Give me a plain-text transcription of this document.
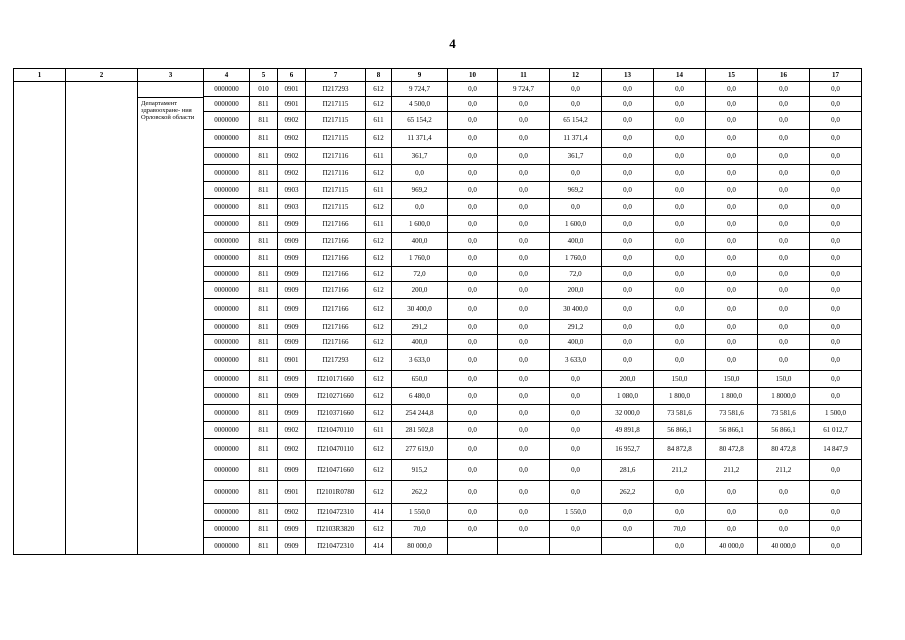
4
1	2	3	4	5	6	7	8	9	10	11	12	13	14	15	16	17

		Департамент здравоохране- ния Орловской области	0000000	010	0901	П217293	612	9 724,7	0,0	9 724,7	0,0	0,0	0,0	0,0	0,0	0,0
			0000000	811	0901	П217115	612	4 500,0	0,0	0,0	0,0	0,0	0,0	0,0	0,0	0,0
			0000000	811	0902	П217115	611	65 154,2	0,0	0,0	65 154,2	0,0	0,0	0,0	0,0	0,0
			0000000	811	0902	П217115	612	11 371,4	0,0	0,0	11 371,4	0,0	0,0	0,0	0,0	0,0
			0000000	811	0902	П217116	611	361,7	0,0	0,0	361,7	0,0	0,0	0,0	0,0	0,0
			0000000	811	0902	П217116	612	0,0	0,0	0,0	0,0	0,0	0,0	0,0	0,0	0,0
			0000000	811	0903	П217115	611	969,2	0,0	0,0	969,2	0,0	0,0	0,0	0,0	0,0
			0000000	811	0903	П217115	612	0,0	0,0	0,0	0,0	0,0	0,0	0,0	0,0	0,0
			0000000	811	0909	П217166	611	1 600,0	0,0	0,0	1 600,0	0,0	0,0	0,0	0,0	0,0
			0000000	811	0909	П217166	612	400,0	0,0	0,0	400,0	0,0	0,0	0,0	0,0	0,0
			0000000	811	0909	П217166	612	1 760,0	0,0	0,0	1 760,0	0,0	0,0	0,0	0,0	0,0
			0000000	811	0909	П217166	612	72,0	0,0	0,0	72,0	0,0	0,0	0,0	0,0	0,0
			0000000	811	0909	П217166	612	200,0	0,0	0,0	200,0	0,0	0,0	0,0	0,0	0,0
			0000000	811	0909	П217166	612	30 400,0	0,0	0,0	30 400,0	0,0	0,0	0,0	0,0	0,0
			0000000	811	0909	П217166	612	291,2	0,0	0,0	291,2	0,0	0,0	0,0	0,0	0,0
			0000000	811	0909	П217166	612	400,0	0,0	0,0	400,0	0,0	0,0	0,0	0,0	0,0
			0000000	811	0901	П217293	612	3 633,0	0,0	0,0	3 633,0	0,0	0,0	0,0	0,0	0,0
			0000000	811	0909	П210171660	612	650,0	0,0	0,0	0,0	200,0	150,0	150,0	150,0	0,0
			0000000	811	0909	П210271660	612	6 480,0	0,0	0,0	0,0	1 080,0	1 800,0	1 800,0	1 8000,0	0,0
			0000000	811	0909	П210371660	612	254 244,8	0,0	0,0	0,0	32 000,0	73 581,6	73 581,6	73 581,6	1 500,0
			0000000	811	0902	П210470110	611	281 502,8	0,0	0,0	0,0	49 891,8	56 866,1	56 866,1	56 866,1	61 012,7
			0000000	811	0902	П210470110	612	277 619,0	0,0	0,0	0,0	16 952,7	84 872,8	80 472,8	80 472,8	14 847,9
			0000000	811	0909	П210471660	612	915,2	0,0	0,0	0,0	281,6	211,2	211,2	211,2	0,0
			0000000	811	0901	П2101R0780	612	262,2	0,0	0,0	0,0	262,2	0,0	0,0	0,0	0,0
			0000000	811	0902	П210472310	414	1 550,0	0,0	0,0	1 550,0	0,0	0,0	0,0	0,0	0,0
			0000000	811	0909	П2103R3820	612	70,0	0,0	0,0	0,0	0,0	70,0	0,0	0,0	0,0
			0000000	811	0909	П210472310	414	80 000,0					0,0	40 000,0	40 000,0	0,0
